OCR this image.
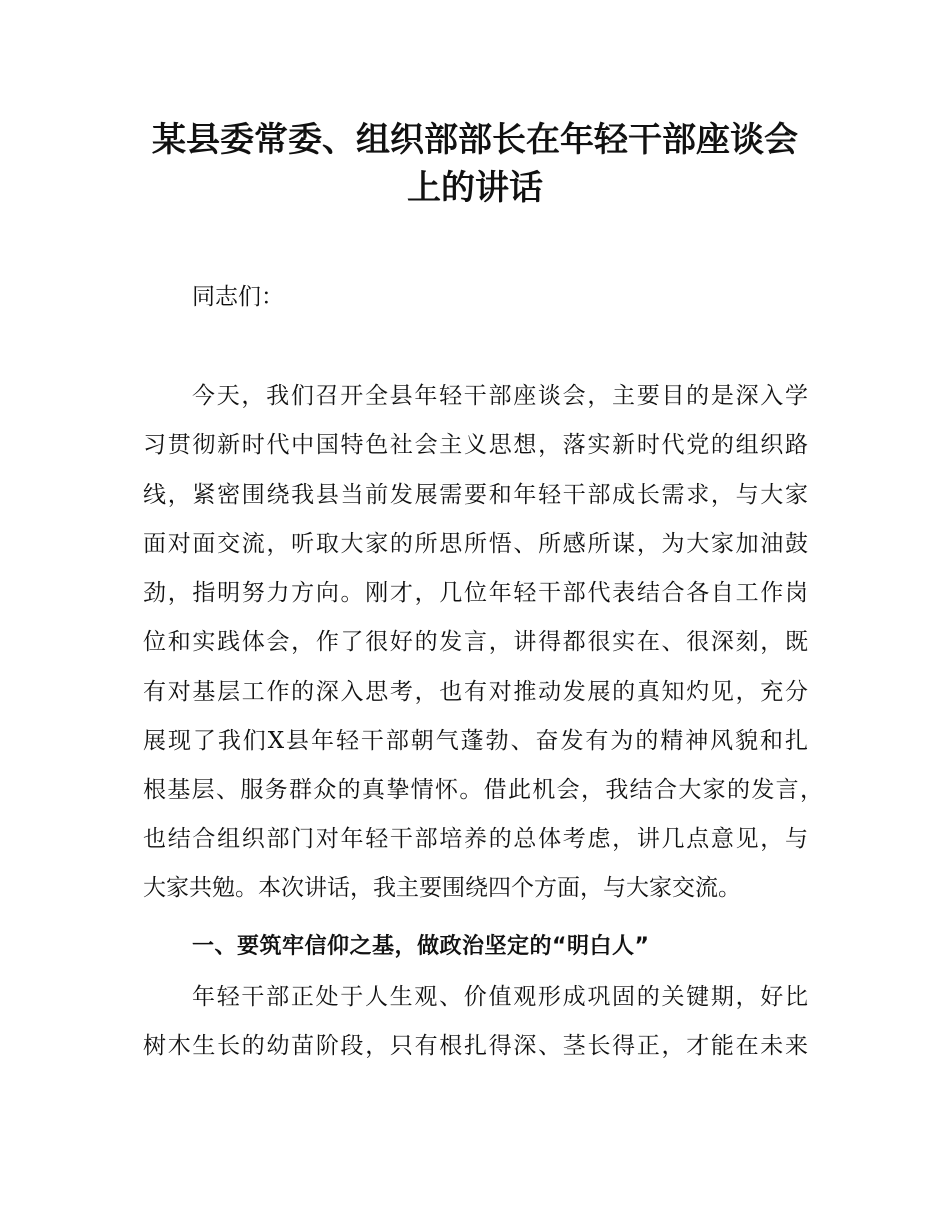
某县委常委、组织部部长在年轻干部座谈会
上的讲话
同志们：
今天，我们召开全县年轻干部座谈会，主要目的是深入学
习贯彻新时代中国特色社会主义思想，落实新时代党的组织路
线，紧密围绕我县当前发展需要和年轻干部成长需求，与大家
面对面交流，听取大家的所思所悟、所感所谋，为大家加油鼓
劲，指明努力方向。刚才，几位年轻干部代表结合各自工作岗
位和实践体会，作了很好的发言，讲得都很实在、很深刻，既
有对基层工作的深入思考，也有对推动发展的真知灼见，充分
展现了我们X县年轻干部朝气蓬勃、奋发有为的精神风貌和扎
根基层、服务群众的真挚情怀。借此机会，我结合大家的发言，
也结合组织部门对年轻干部培养的总体考虑，讲几点意见，与
大家共勉。本次讲话，我主要围绕四个方面，与大家交流。
一、要筑牢信仰之基，做政治坚定的“明白人”
年轻干部正处于人生观、价值观形成巩固的关键期，好比
树木生长的幼苗阶段，只有根扎得深、茎长得正，才能在未来
